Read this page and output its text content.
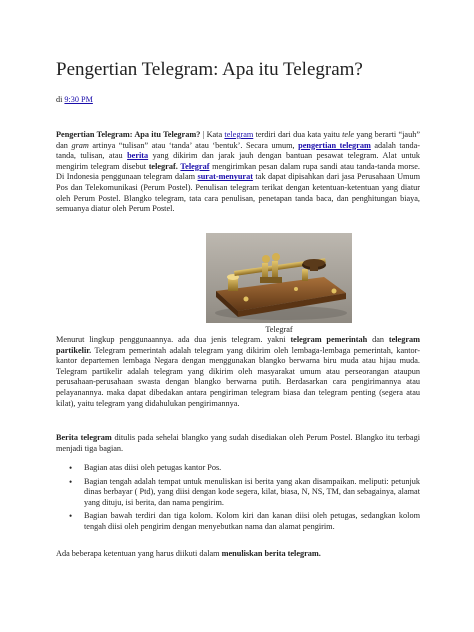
Pengertian Telegram: Apa itu Telegram?
di 9:30 PM

Pengertian Telegram: Apa itu Telegram? | Kata telegram terdiri dari dua kata yaitu tele yang berarti “jauh” dan gram artinya “tulisan” atau ‘tanda’ atau ‘bentuk’. Secara umum, pengertian telegram adalah tanda-tanda, tulisan, atau berita yang dikirim dan jarak jauh dengan bantuan pesawat telegram. Alat untuk mengirim telegram disebut telegraf. Telegraf mengirimkan pesan dalam rupa sandi atau tanda-tanda morse. Di Indonesia penggunaan telegram dalam surat-menyurat tak dapat dipisahkan dari jasa Perusahaan Umum Pos dan Telekomunikasi (Perum Postel). Penulisan telegram terikat dengan ketentuan-ketentuan yang diatur oleh Perum Postel. Blangko telegram, tata cara penulisan, penetapan tanda baca, dan penghitungan biaya, semuanya diatur oleh Perum Postel.

Telegraf

Menurut lingkup penggunaannya. ada dua jenis telegram. yakni telegram pemerintah dan telegram partikelir. Telegram pemerintah adalah telegram yang dikirim oleh lembaga-lembaga pemerintah, kantor-kantor departemen lembaga Negara dengan menggunakan blangko berwarna biru muda atau hijau muda. Telegram partikelir adalah telegram yang dikirim oleh masyarakat umum atau perseorangan ataupun perusahaan-perusahaan swasta dengan blangko berwarna putih. Berdasarkan cara pengirimannya atau pelayanannya. maka dapat dibedakan antara pengiriman telegram biasa dan telegram penting (segera atau kilat), yaitu telegram yang didahulukan pengirimannya.

Berita telegram ditulis pada sehelai blangko yang sudah disediakan oleh Perum Postel. Blangko itu terbagi menjadi tiga bagian.

• Bagian atas diisi oleh petugas kantor Pos.
• Bagian tengah adalah tempat untuk menuliskan isi berita yang akan disampaikan. meliputi: petunjuk dinas berbayar ( Ptd), yang diisi dengan kode segera, kilat, biasa, N, NS, TM, dan sebagainya, alamat yang dituju, isi berita, dan nama pengirim.
• Bagian bawah terdiri dan tiga kolom. Kolom kiri dan kanan diisi oleh petugas, sedangkan kolom tengah diisi oleh pengirim dengan menyebutkan nama dan alamat pengirim.

Ada beberapa ketentuan yang harus diikuti dalam menuliskan berita telegram.
